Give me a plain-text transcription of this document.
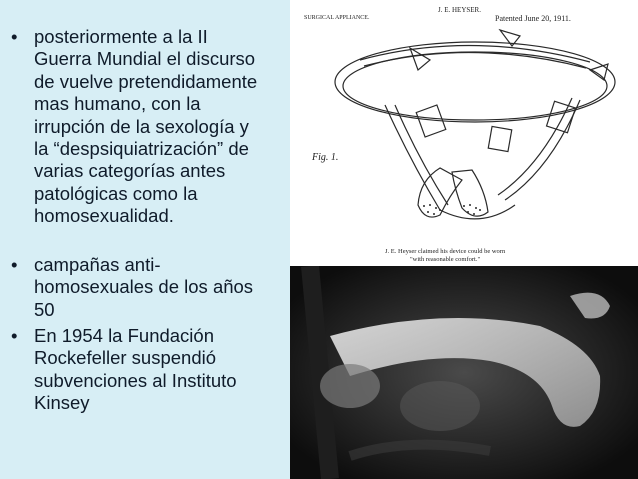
• posteriormente a la II Guerra Mundial el discurso de vuelve pretendidamente mas humano, con la irrupción de la sexología y la “despsiquiatrización” de varias categorías antes patológicas como la homosexualidad.
• campañas anti-homosexuales de los años 50
• En 1954 la Fundación Rockefeller suspendió subvenciones al Instituto Kinsey
J. E. HEYSER.
SURGICAL APPLIANCE.	Patented June 20, 1911.
Fig. 1.
J. E. Heyser claimed his device could be worn
"with reasonable comfort."
